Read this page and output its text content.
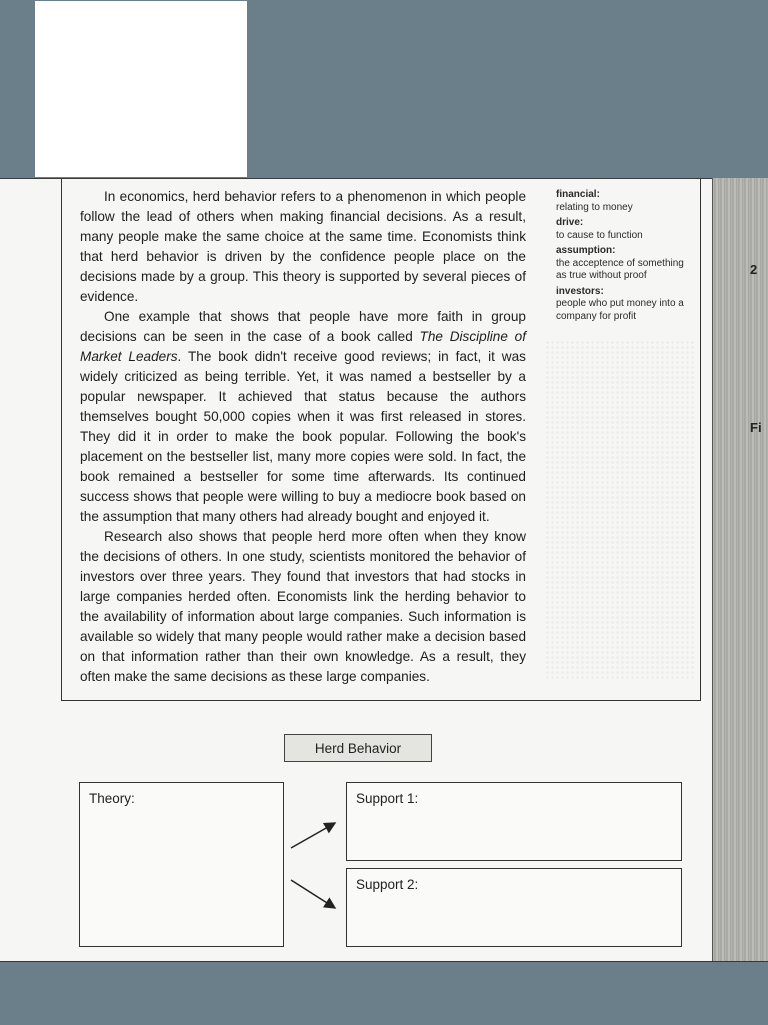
2
Fi

In economics, herd behavior refers to a phenomenon in which people follow the lead of others when making financial decisions. As a result, many people make the same choice at the same time. Economists think that herd behavior is driven by the confidence people place on the decisions made by a group. This theory is supported by several pieces of evidence.

One example that shows that people have more faith in group decisions can be seen in the case of a book called The Discipline of Market Leaders. The book didn't receive good reviews; in fact, it was widely criticized as being terrible. Yet, it was named a bestseller by a popular newspaper. It achieved that status because the authors themselves bought 50,000 copies when it was first released in stores. They did it in order to make the book popular. Following the book's placement on the bestseller list, many more copies were sold. In fact, the book remained a bestseller for some time afterwards. Its continued success shows that people were willing to buy a mediocre book based on the assumption that many others had already bought and enjoyed it.

Research also shows that people herd more often when they know the decisions of others. In one study, scientists monitored the behavior of investors over three years. They found that investors that had stocks in large companies herded often. Economists link the herding behavior to the availability of information about large companies. Such information is available so widely that many people would rather make a decision based on that information rather than their own knowledge. As a result, they often make the same decisions as these large companies.

financial:
relating to money
drive:
to cause to function
assumption:
the acceptence of something as true without proof
investors:
people who put money into a company for profit
Herd Behavior
Theory:	Support 1:
Support 2:
